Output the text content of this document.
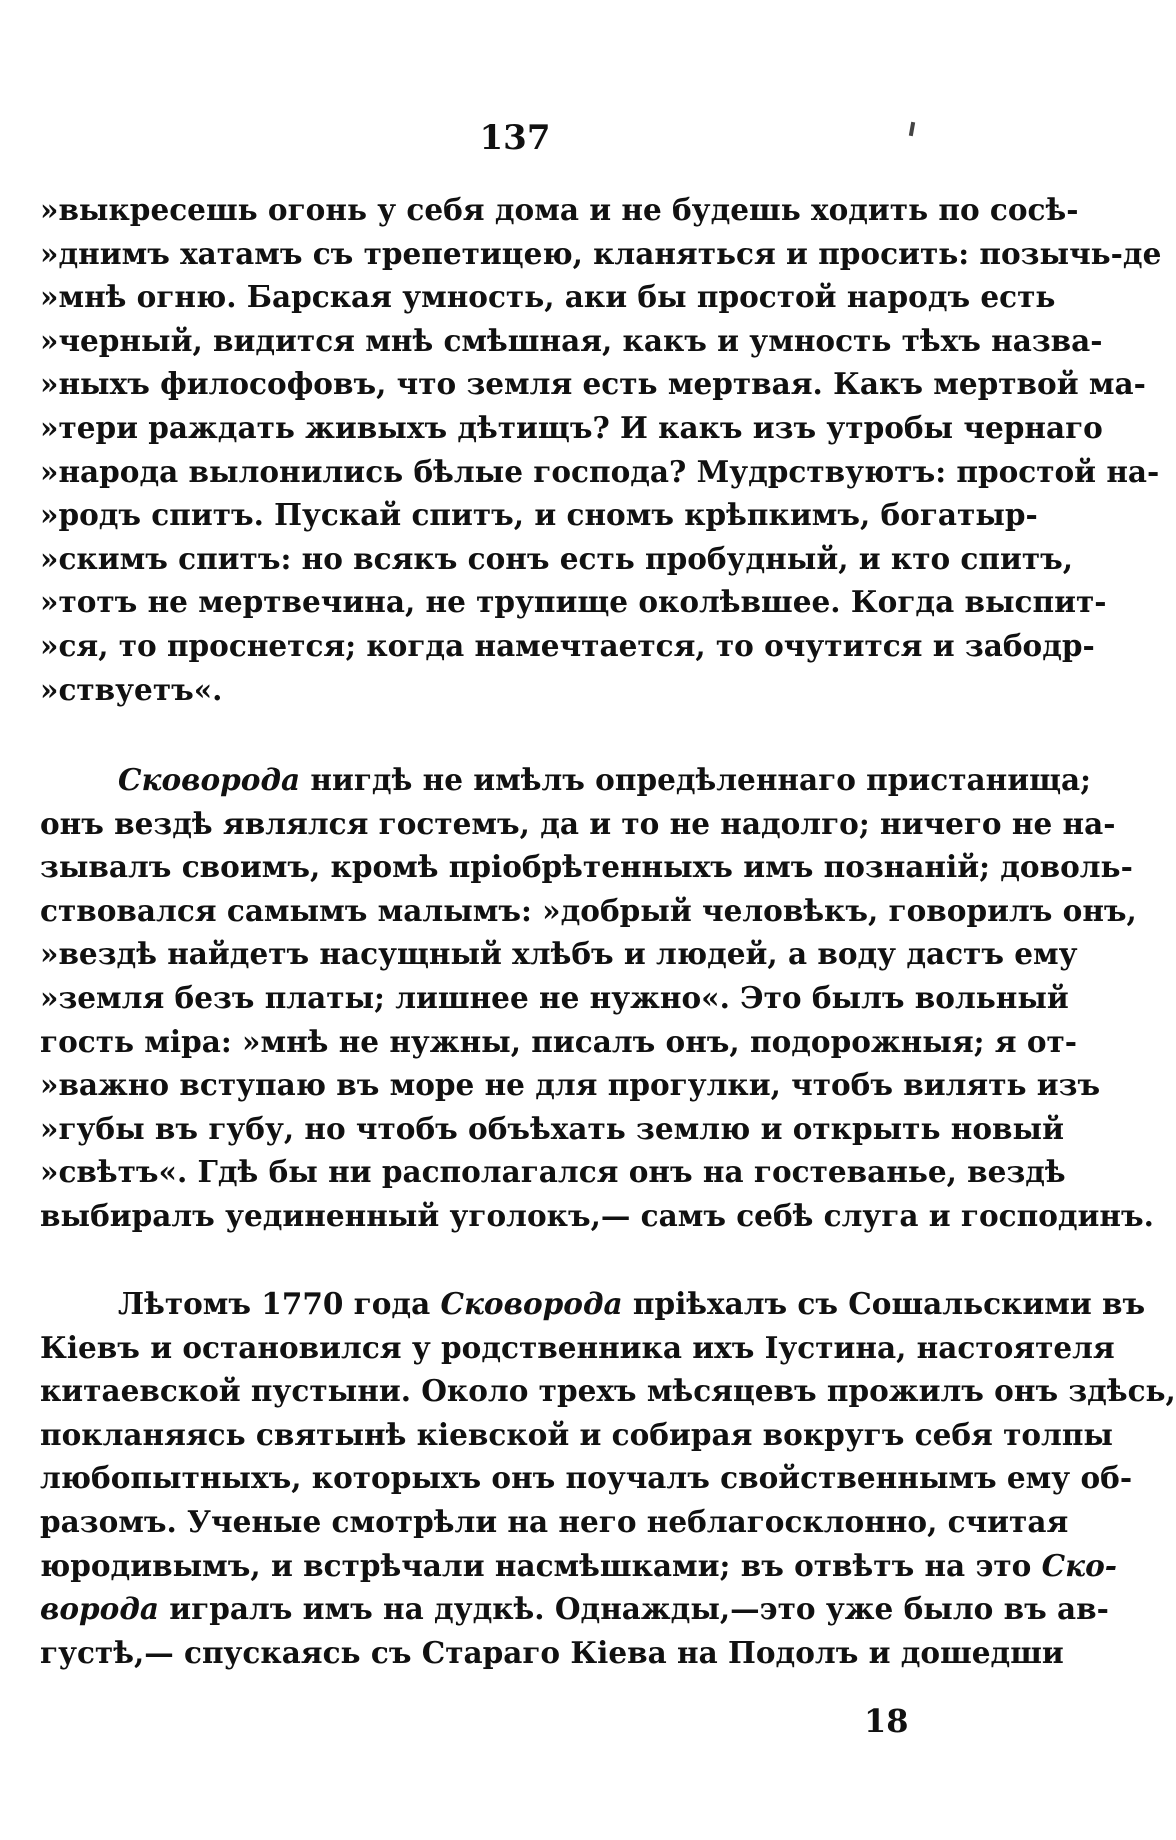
137
»выкресешь огонь у себя дома и не будешь ходить по сосѣ-
»днимъ хатамъ съ трепетицею, кланяться и просить: позычь-де
»мнѣ огню. Барская умность, аки бы простой народъ есть
»черный, видится мнѣ смѣшная, какъ и умность тѣхъ назва-
»ныхъ философовъ, что земля есть мертвая. Какъ мертвой ма-
»тери раждать живыхъ дѣтищъ? И какъ изъ утробы чернаго
»народа вылонились бѣлые господа? Мудрствуютъ: простой на-
»родъ спитъ. Пускай спитъ, и сномъ крѣпкимъ, богатыр-
»скимъ спитъ: но всякъ сонъ есть пробудный, и кто спитъ,
»тотъ не мертвечина, не трупище околѣвшее. Когда выспит-
»ся, то проснется; когда намечтается, то очутится и забодр-
»ствуетъ«.
Сковорода нигдѣ не имѣлъ опредѣленнаго пристанища;
онъ вездѣ являлся гостемъ, да и то не надолго; ничего не на-
зывалъ своимъ, кромѣ пріобрѣтенныхъ имъ познаній; доволь-
ствовался самымъ малымъ: »добрый человѣкъ, говорилъ онъ,
»вездѣ найдетъ насущный хлѣбъ и людей, а воду дастъ ему
»земля безъ платы; лишнее не нужно«. Это былъ вольный
гость міра: »мнѣ не нужны, писалъ онъ, подорожныя; я от-
»важно вступаю въ море не для прогулки, чтобъ вилять изъ
»губы въ губу, но чтобъ объѣхать землю и открыть новый
»свѣтъ«. Гдѣ бы ни располагался онъ на гостеванье, вездѣ
выбиралъ уединенный уголокъ,— самъ себѣ слуга и господинъ.
Лѣтомъ 1770 года Сковорода пріѣхалъ съ Сошальскими въ
Кіевъ и остановился у родственника ихъ Іустина, настоятеля
китаевской пустыни. Около трехъ мѣсяцевъ прожилъ онъ здѣсь,
покланяясь святынѣ кіевской и собирая вокругъ себя толпы
любопытныхъ, которыхъ онъ поучалъ свойственнымъ ему об-
разомъ. Ученые смотрѣли на него неблагосклонно, считая
юродивымъ, и встрѣчали насмѣшками; въ отвѣтъ на это Ско-
ворода игралъ имъ на дудкѣ. Однажды,—это уже было въ ав-
густѣ,— спускаясь съ Стараго Кіева на Подолъ и дошедши
18
